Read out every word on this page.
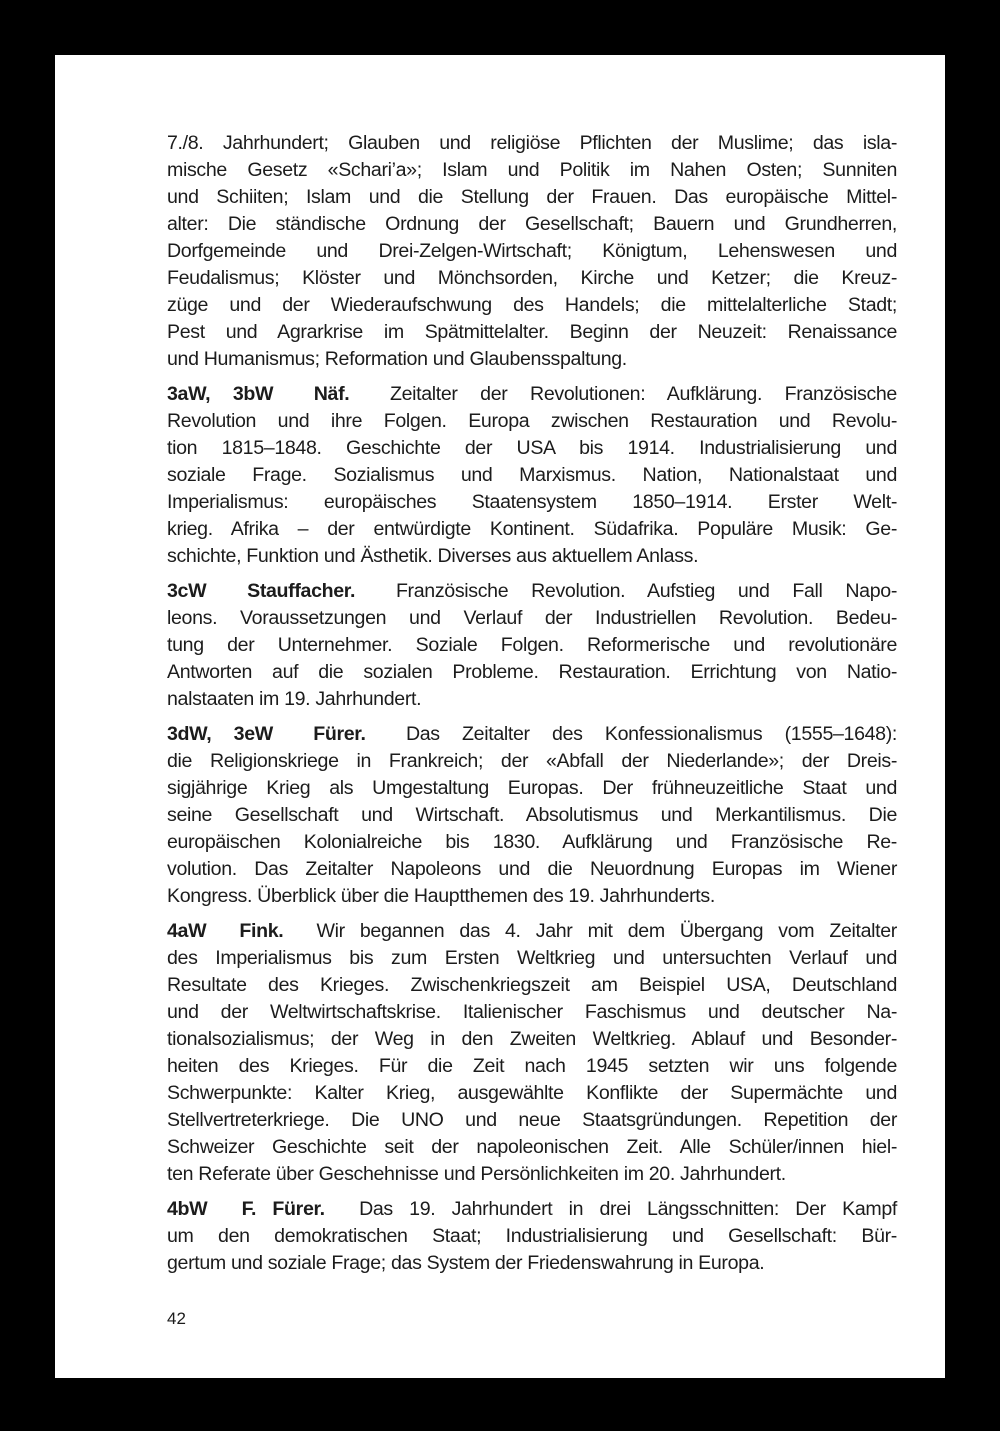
7./8. Jahrhundert; Glauben und religiöse Pflichten der Muslime; das isla-
mische Gesetz «Schari’a»; Islam und Politik im Nahen Osten; Sunniten
und Schiiten; Islam und die Stellung der Frauen. Das europäische Mittel-
alter: Die ständische Ordnung der Gesellschaft; Bauern und Grundherren,
Dorfgemeinde und Drei-Zelgen-Wirtschaft; Königtum, Lehenswesen und
Feudalismus; Klöster und Mönchsorden, Kirche und Ketzer; die Kreuz-
züge und der Wiederaufschwung des Handels; die mittelalterliche Stadt;
Pest und Agrarkrise im Spätmittelalter. Beginn der Neuzeit: Renaissance
und Humanismus; Reformation und Glaubensspaltung.
3aW, 3bW Näf. Zeitalter der Revolutionen: Aufklärung. Französische
Revolution und ihre Folgen. Europa zwischen Restauration und Revolu-
tion 1815–1848. Geschichte der USA bis 1914. Industrialisierung und
soziale Frage. Sozialismus und Marxismus. Nation, Nationalstaat und
Imperialismus: europäisches Staatensystem 1850–1914. Erster Welt-
krieg. Afrika – der entwürdigte Kontinent. Südafrika. Populäre Musik: Ge-
schichte, Funktion und Ästhetik. Diverses aus aktuellem Anlass.
3cW Stauffacher. Französische Revolution. Aufstieg und Fall Napo-
leons. Voraussetzungen und Verlauf der Industriellen Revolution. Bedeu-
tung der Unternehmer. Soziale Folgen. Reformerische und revolutionäre
Antworten auf die sozialen Probleme. Restauration. Errichtung von Natio-
nalstaaten im 19. Jahrhundert.
3dW, 3eW Fürer. Das Zeitalter des Konfessionalismus (1555–1648):
die Religionskriege in Frankreich; der «Abfall der Niederlande»; der Dreis-
sigjährige Krieg als Umgestaltung Europas. Der frühneuzeitliche Staat und
seine Gesellschaft und Wirtschaft. Absolutismus und Merkantilismus. Die
europäischen Kolonialreiche bis 1830. Aufklärung und Französische Re-
volution. Das Zeitalter Napoleons und die Neuordnung Europas im Wiener
Kongress. Überblick über die Hauptthemen des 19. Jahrhunderts.
4aW Fink. Wir begannen das 4. Jahr mit dem Übergang vom Zeitalter
des Imperialismus bis zum Ersten Weltkrieg und untersuchten Verlauf und
Resultate des Krieges. Zwischenkriegszeit am Beispiel USA, Deutschland
und der Weltwirtschaftskrise. Italienischer Faschismus und deutscher Na-
tionalsozialismus; der Weg in den Zweiten Weltkrieg. Ablauf und Besonder-
heiten des Krieges. Für die Zeit nach 1945 setzten wir uns folgende
Schwerpunkte: Kalter Krieg, ausgewählte Konflikte der Supermächte und
Stellvertreterkriege. Die UNO und neue Staatsgründungen. Repetition der
Schweizer Geschichte seit der napoleonischen Zeit. Alle Schüler/innen hiel-
ten Referate über Geschehnisse und Persönlichkeiten im 20. Jahrhundert.
4bW F. Fürer. Das 19. Jahrhundert in drei Längsschnitten: Der Kampf
um den demokratischen Staat; Industrialisierung und Gesellschaft: Bür-
gertum und soziale Frage; das System der Friedenswahrung in Europa.
42
